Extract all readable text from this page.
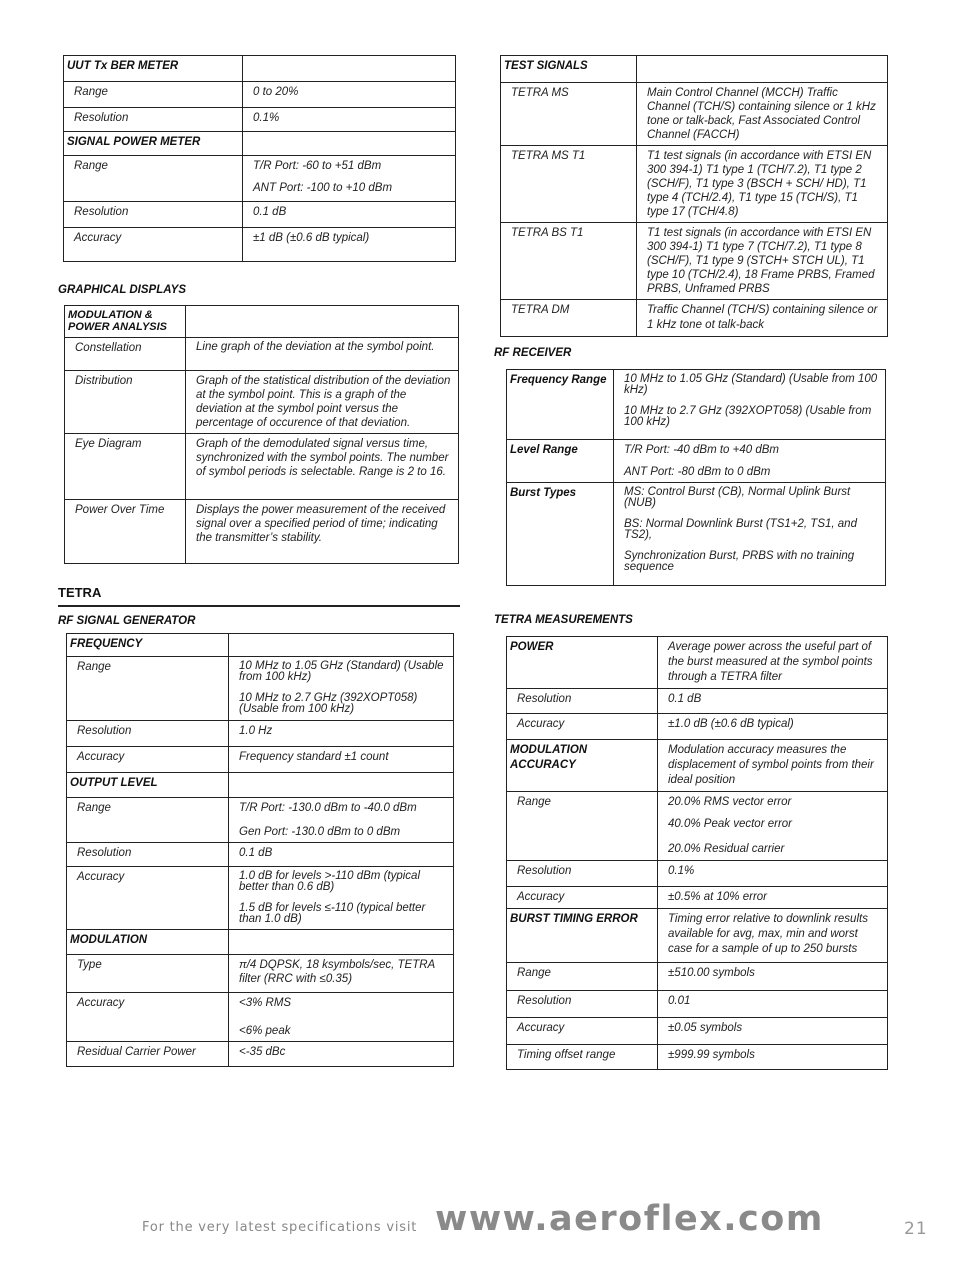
UUT Tx BER METER	
Range	0 to 20%
Resolution	0.1%
SIGNAL POWER METER	
Range	T/R Port: -60 to +51 dBm

ANT Port: -100 to +10 dBm

Resolution	0.1 dB
Accuracy	±1 dB (±0.6 dB typical)
GRAPHICAL DISPLAYS
MODULATION & POWER ANALYSIS	
Constellation	Line graph of the deviation at the symbol point.
Distribution	Graph of the statistical distribution of the deviation at the symbol point. This is a graph of the deviation at the symbol point versus the percentage of occurence of that deviation.
Eye Diagram	Graph of the demodulated signal versus time, synchronized with the symbol points. The number of symbol periods is selectable. Range is 2 to 16.
Power Over Time	Displays the power measurement of the received signal over a specified period of time; indicating the transmitter’s stability.
TETRA
RF SIGNAL GENERATOR
FREQUENCY	
Range	10 MHz to 1.05 GHz (Standard) (Usable from 100 kHz)

10 MHz to 2.7 GHz (392XOPT058) (Usable from 100 kHz)

Resolution	1.0 Hz
Accuracy	Frequency standard ±1 count
OUTPUT LEVEL	
Range	T/R Port: -130.0 dBm to -40.0 dBm

Gen Port: -130.0 dBm to 0 dBm

Resolution	0.1 dB
Accuracy	1.0 dB for levels >-110 dBm (typical better than 0.6 dB)

1.5 dB for levels ≤-110 (typical better than 1.0 dB)

MODULATION	
Type	π/4 DQPSK, 18 ksymbols/sec, TETRA filter (RRC with ≤0.35)
Accuracy	<3% RMS

<6% peak

Residual Carrier Power	<-35 dBc
TEST SIGNALS	
TETRA MS	Main Control Channel (MCCH) Traffic Channel (TCH/S) containing silence or 1 kHz tone or talk-back, Fast Associated Control Channel (FACCH)
TETRA MS T1	T1 test signals (in accordance with ETSI EN 300 394-1) T1 type 1 (TCH/7.2), T1 type 2 (SCH/F), T1 type 3 (BSCH + SCH/ HD), T1 type 4 (TCH/2.4), T1 type 15 (TCH/S), T1 type 17 (TCH/4.8)
TETRA BS T1	T1 test signals (in accordance with ETSI EN 300 394-1) T1 type 7 (TCH/7.2), T1 type 8 (SCH/F), T1 type 9 (STCH+ STCH UL), T1 type 10 (TCH/2.4), 18 Frame PRBS, Framed PRBS, Unframed PRBS
TETRA DM	Traffic Channel (TCH/S) containing silence or 1 kHz tone ot talk-back
RF RECEIVER
Frequency Range	10 MHz to 1.05 GHz (Standard) (Usable from 100 kHz)

10 MHz to 2.7 GHz (392XOPT058) (Usable from 100 kHz)

Level Range	T/R Port: -40 dBm to +40 dBm

ANT Port: -80 dBm to 0 dBm

Burst Types	MS: Control Burst (CB), Normal Uplink Burst (NUB)

BS: Normal Downlink Burst (TS1+2, TS1, and TS2),

Synchronization Burst, PRBS with no training sequence

TETRA MEASUREMENTS
POWER	Average power across the useful part of the burst measured at the symbol points through a TETRA filter
Resolution	0.1 dB
Accuracy	±1.0 dB (±0.6 dB typical)
MODULATION ACCURACY	Modulation accuracy measures the displacement of symbol points from their ideal position
Range	20.0% RMS vector error

40.0% Peak vector error

20.0% Residual carrier

Resolution	0.1%
Accuracy	±0.5% at 10% error
BURST TIMING ERROR	Timing error relative to downlink results available for avg, max, min and worst case for a sample of up to 250 bursts
Range	±510.00 symbols
Resolution	0.01
Accuracy	±0.05 symbols
Timing offset range	±999.99 symbols
For the very latest specifications visit www.aeroflex.com	21
